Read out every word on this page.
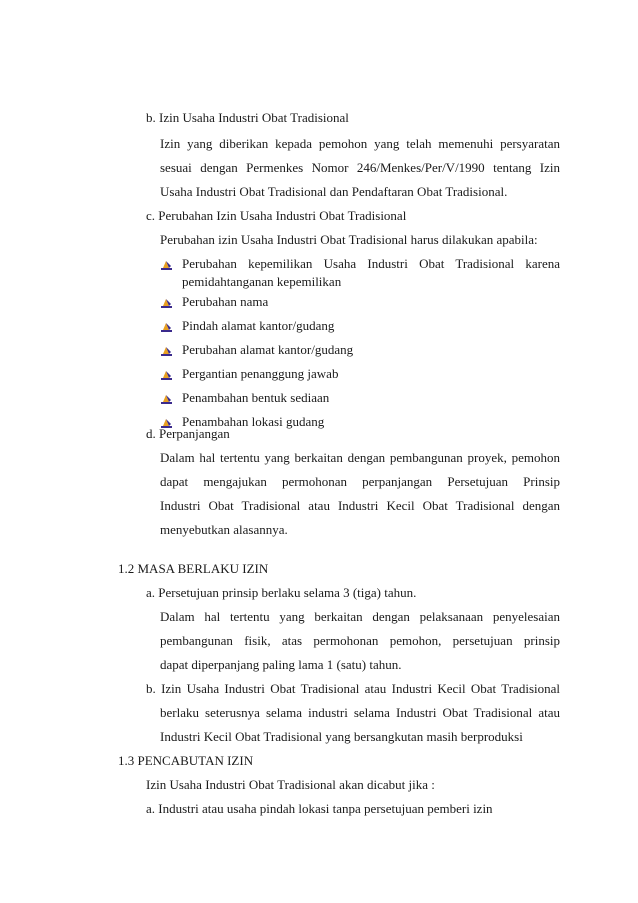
b. Izin Usaha Industri Obat Tradisional
Izin yang diberikan kepada pemohon yang telah memenuhi persyaratan
sesuai dengan Permenkes Nomor 246/Menkes/Per/V/1990 tentang Izin
Usaha Industri Obat Tradisional dan Pendaftaran Obat Tradisional.
c. Perubahan Izin Usaha Industri Obat Tradisional
Perubahan izin Usaha Industri Obat Tradisional harus dilakukan apabila:
Perubahan kepemilikan Usaha Industri Obat Tradisional karena
pemidahtanganan kepemilikan
Perubahan nama
Pindah alamat kantor/gudang
Perubahan alamat kantor/gudang
Pergantian penanggung jawab
Penambahan bentuk sediaan
Penambahan lokasi gudang
d. Perpanjangan
Dalam hal tertentu yang berkaitan dengan pembangunan proyek, pemohon
dapat mengajukan permohonan perpanjangan Persetujuan Prinsip
Industri Obat Tradisional atau Industri Kecil Obat Tradisional dengan
menyebutkan alasannya.
1.2 MASA BERLAKU IZIN
a. Persetujuan prinsip berlaku selama 3 (tiga) tahun.
Dalam hal tertentu yang berkaitan dengan pelaksanaan penyelesaian
pembangunan fisik, atas permohonan pemohon, persetujuan prinsip
dapat diperpanjang paling lama 1 (satu) tahun.
b. Izin Usaha Industri Obat Tradisional atau Industri Kecil Obat Tradisional
berlaku seterusnya selama industri selama Industri Obat Tradisional atau
Industri Kecil Obat Tradisional yang bersangkutan masih berproduksi
1.3 PENCABUTAN IZIN
Izin Usaha Industri Obat Tradisional akan dicabut jika :
a. Industri atau usaha pindah lokasi tanpa persetujuan pemberi izin
